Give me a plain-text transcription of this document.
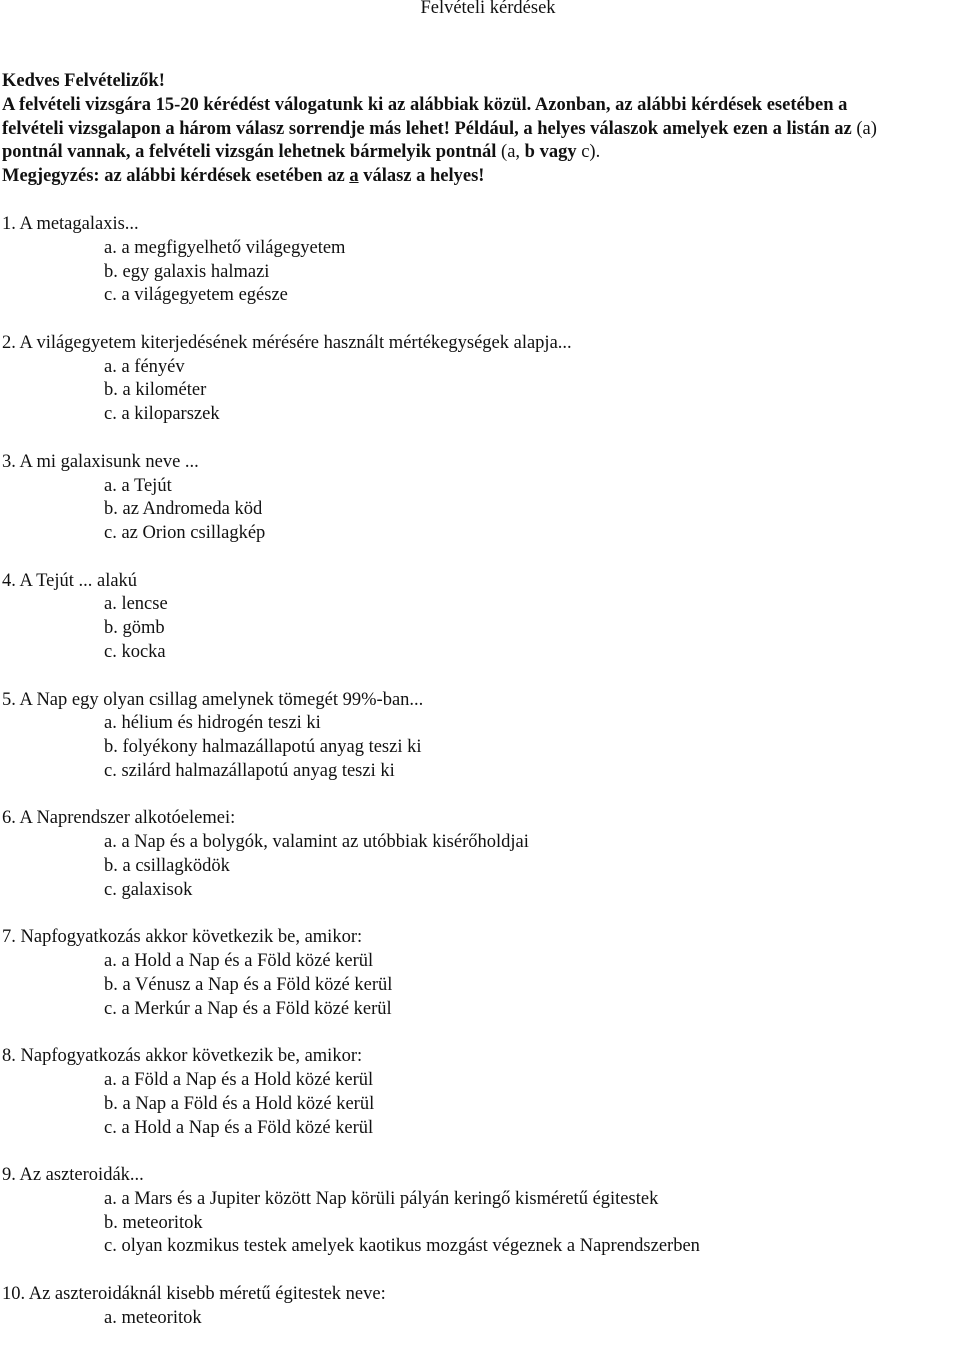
Felvételi kérdések
Kedves Felvételizők!
A felvételi vizsgára 15-20 kérédést válogatunk ki az alábbiak közül. Azonban, az alábbi kérdések esetében a
felvételi vizsgalapon a három válasz sorrendje más lehet! Például, a helyes válaszok amelyek ezen a listán az (a)
pontnál vannak, a felvételi vizsgán lehetnek bármelyik pontnál (a, b vagy c).
Megjegyzés: az alábbi kérdések esetében az a válasz a helyes!
1. A metagalaxis...
a. a megfigyelhető világegyetem
b. egy galaxis halmazi
c. a világegyetem egésze
2. A világegyetem kiterjedésének mérésére használt mértékegységek alapja...
a. a fényév
b. a kilométer
c. a kiloparszek
3. A mi galaxisunk neve ...
a. a Tejút
b. az Andromeda köd
c. az Orion csillagkép
4. A Tejút ... alakú
a. lencse
b. gömb
c. kocka
5. A Nap egy olyan csillag amelynek tömegét 99%-ban...
a. hélium és hidrogén teszi ki
b. folyékony halmazállapotú anyag teszi ki
c. szilárd halmazállapotú anyag teszi ki
6. A Naprendszer alkotóelemei:
a. a Nap és a bolygók, valamint az utóbbiak kisérőholdjai
b. a csillagködök
c. galaxisok
7. Napfogyatkozás akkor következik be, amikor:
a. a Hold a Nap és a Föld közé kerül
b. a Vénusz a Nap és a Föld közé kerül
c. a Merkúr a Nap és a Föld közé kerül
8. Napfogyatkozás akkor következik be, amikor:
a. a Föld a Nap és a Hold közé kerül
b. a Nap a Föld és a Hold közé kerül
c. a Hold a Nap és a Föld közé kerül
9. Az aszteroidák...
a. a Mars és a Jupiter között Nap körüli pályán keringő kisméretű égitestek
b. meteoritok
c. olyan kozmikus testek amelyek kaotikus mozgást végeznek a Naprendszerben
10. Az aszteroidáknál kisebb méretű égitestek neve:
a. meteoritok
